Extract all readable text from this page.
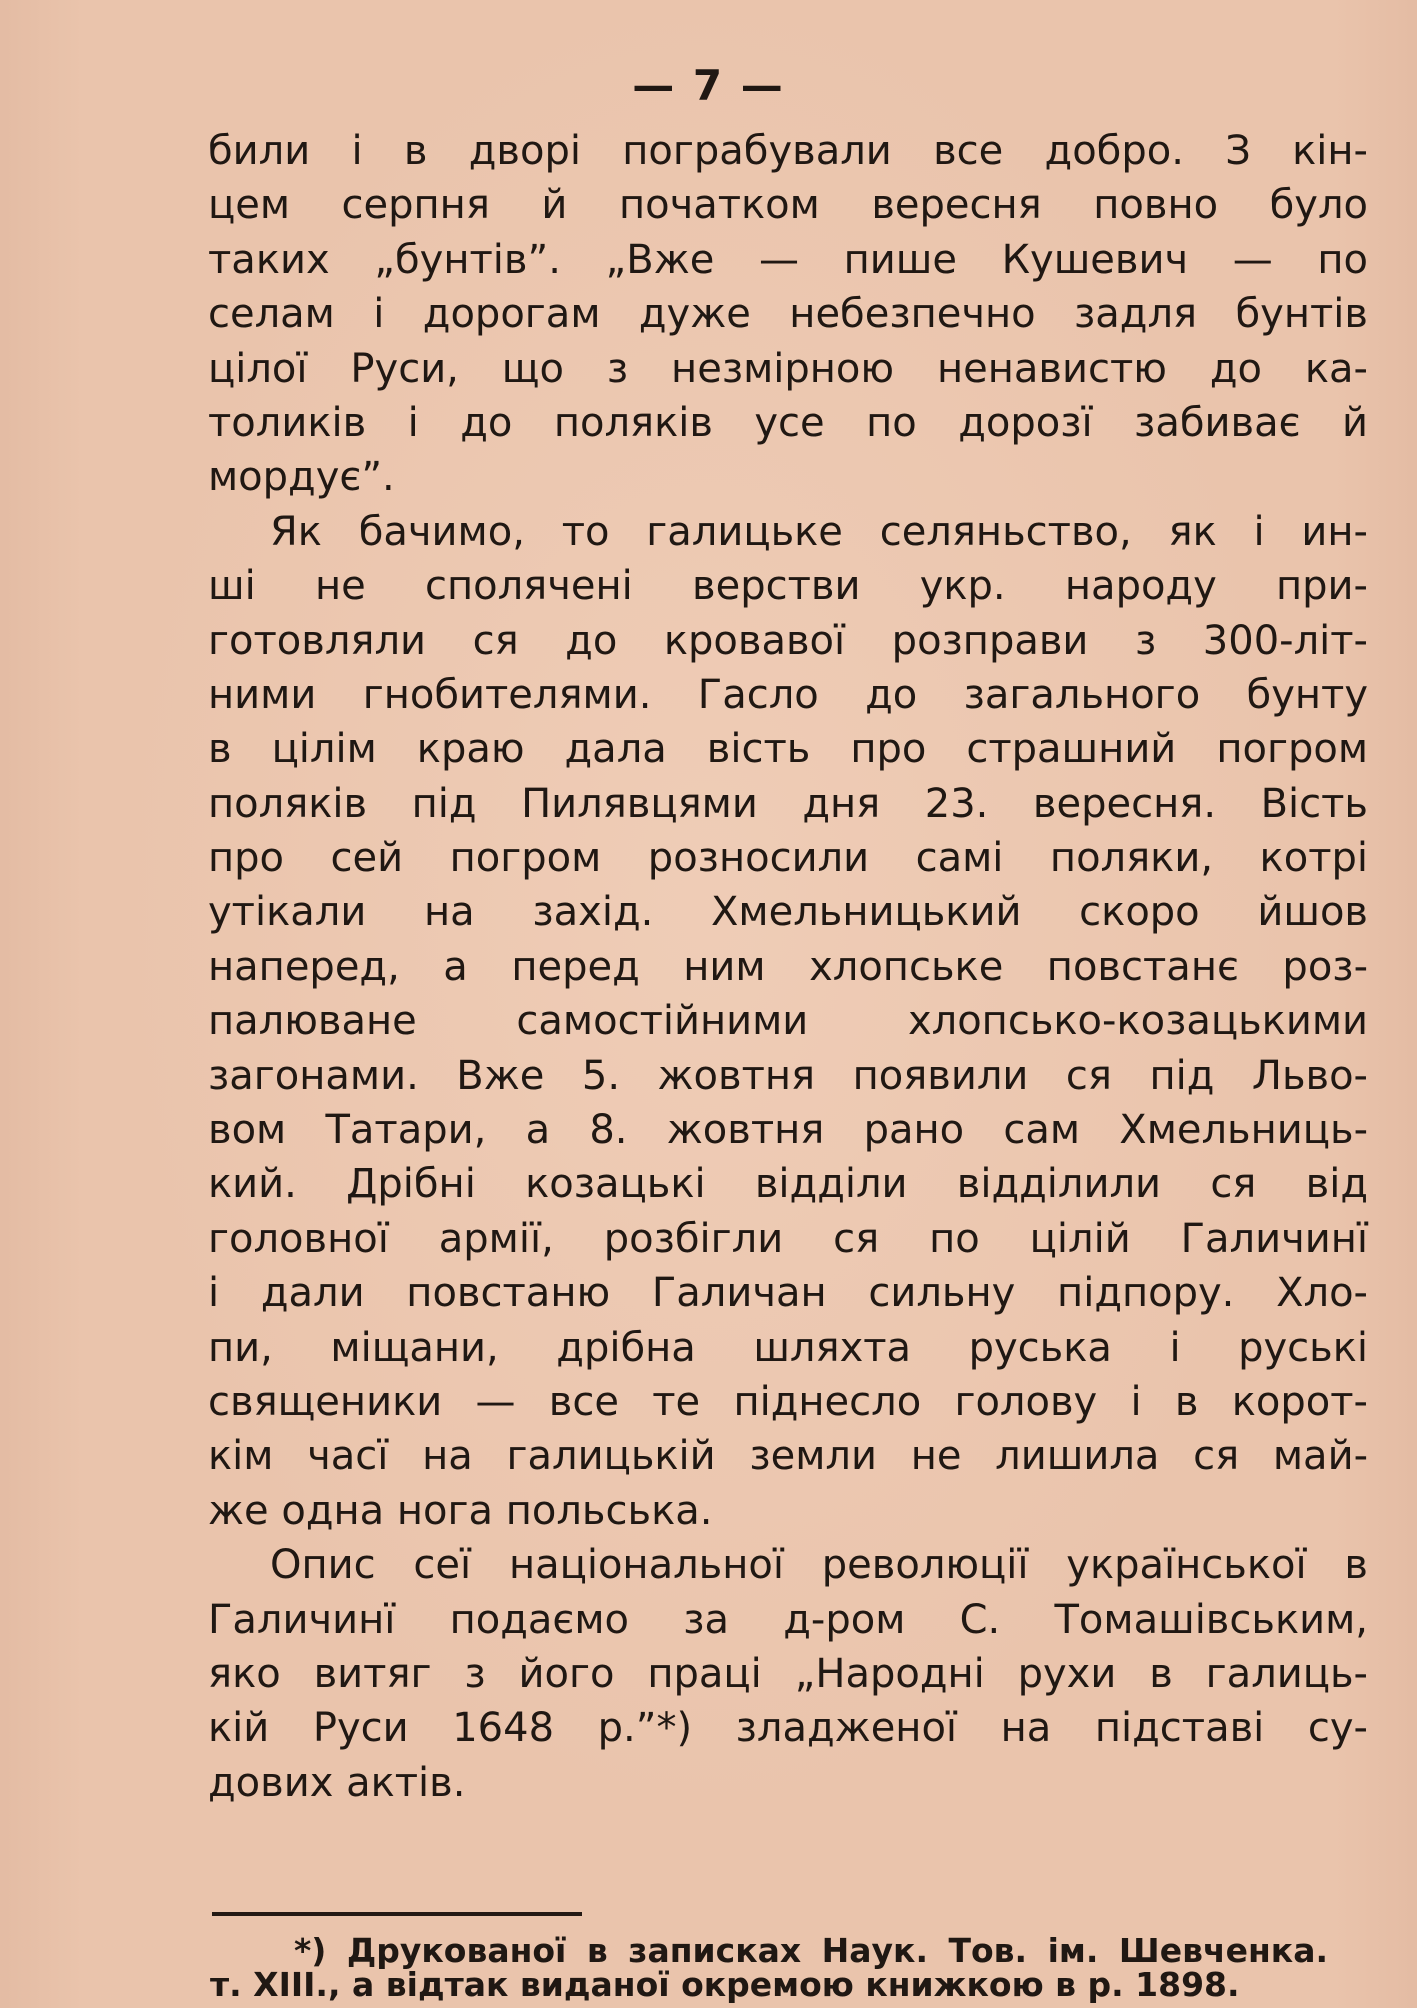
— 7 —
били і в дворі пограбували все добро. З кін-
цем серпня й початком вересня повно було
таких „бунтів”. „Вже — пише Кушевич — по
селам і дорогам дуже небезпечно задля бунтів
цілої Руси, що з незмірною ненавистю до ка-
толиків і до поляків усе по дорозї забиває й
мордує”.
Як бачимо, то галицьке селяньство, як і ин-
ші не сполячені верстви укр. народу при-
готовляли ся до кровавої розправи з 300-літ-
ними гнобителями. Гасло до загального бунту
в цілім краю дала вість про страшний погром
поляків під Пилявцями дня 23. вересня. Вість
про сей погром розносили самі поляки, котрі
утікали на захід. Хмельницький скоро йшов
наперед, а перед ним хлопське повстанє роз-
палюване самостійними хлопсько-козацькими
загонами. Вже 5. жовтня появили ся під Льво-
вом Татари, а 8. жовтня рано сам Хмельниць-
кий. Дрібні козацькі відділи відділили ся від
головної армії, розбігли ся по цілій Галичинї
і дали повстаню Галичан сильну підпору. Хло-
пи, міщани, дрібна шляхта руська і руські
священики — все те піднесло голову і в корот-
кім часї на галицькій земли не лишила ся май-
же одна нога польська.
Опис сеї національної революції української в
Галичинї подаємо за д-ром С. Томашівським,
яко витяг з його праці „Народні рухи в галиць-
кій Руси 1648 р.”*) зладженої на підставі су-
дових актів.
*) Друкованої в записках Наук. Тов. ім. Шевченка.
т. XIII., а відтак виданої окремою книжкою в р. 1898.
